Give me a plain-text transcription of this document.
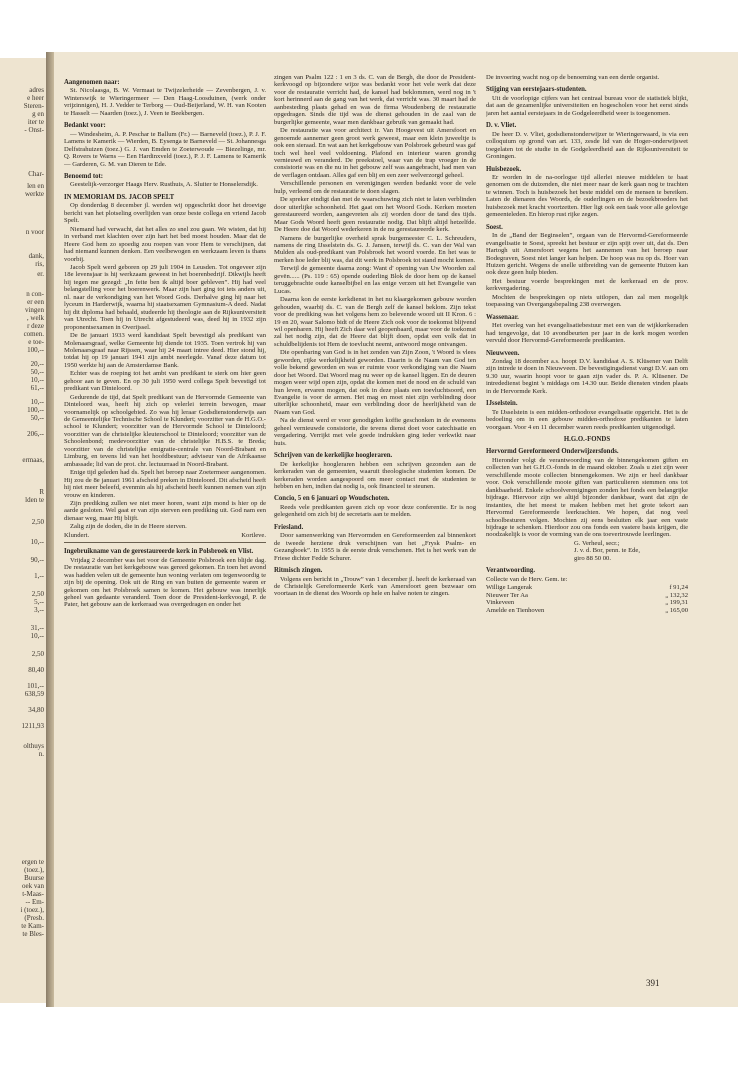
adres
e heer
Steren-
g en
iter te
- Onst-
Char-
len en
werkte
n voor
dank,
ris,
er.
n con-
er een
vingen
, welk
r deze
comen.
e toe-
100,--
20,--
50,--
10,--
61,--
10,--
100,--
50,--
206,--
ermaas,
R
lden te
2,50
10,--
90,--
1,--
2,50
5,--
3,--
31,--
10,--
2,50
80,40
101,--
638,59
34,80
1211,93
olthuys
n.
ergen te
(toez.),
Buurse
oek van
t-Maas-
-- Em-
i (toez.),
(Presb.
te Kam-
te Bles-
Aangenomen naar:

St. Nicolaasga, B. W. Vermaat te Twijzelerheide — Zevenbergen, J. v. Winterswijk te Wieringermeer — Den Haag-Loosduinen, (werk onder vrijzinnigen), H. J. Vedder te Terborg — Oud-Beijerland, W. H. van Kooten te Hasselt — Naarden (toez.), J. Veen te Beekbergen.

Bedankt voor:

— Windesheim, A. P. Peschar te Ballum (Fr.) — Barneveld (toez.), P. J. F. Lamens te Kamerik — Wierden, B. Eysenga te Barneveld — St. Johannesga Delfstrahuizen (toez.) G. J. van Emden te Zoeterwoude — Biezelinge, mr. Q. Rovers te Warns — Een Hardinxveld (toez.), P. J. F. Lamens te Kamerik — Garderen, G. M. van Dieren te Ede.

Benoemd tot:

Geestelijk-verzorger Haags Herv. Rusthuis, A. Sluiter te Honselersdijk.

IN MEMORIAM DS. JACOB SPELT

Op donderdag 8 december jl. werden wij opgeschrikt door het droevige bericht van het plotseling overlijden van onze beste collega en vriend Jacob Spelt.

Niemand had verwacht, dat het alles zo snel zou gaan. We wisten, dat hij in verband met klachten over zijn hart het bed moest houden. Maar dat de Heere God hem zo spoedig zou roepen van voor Hem te verschijnen, dat had niemand kunnen denken. Een veelbewogen en werkzaam leven is thans voorbij.

Jacob Spelt werd geboren op 29 juli 1904 in Leusden. Tot ongeveer zijn 18e levensjaar is hij werkzaam geweest in het boerenbedrijf. Dikwijls heeft hij tegen me gezegd: „In feite ben ik altijd boer gebleven”. Hij had veel belangstelling voor het boerenwerk. Maar zijn hart ging tot iets anders uit, nl. naar de verkondiging van het Woord Gods. Derhalve ging hij naar het lyceum in Harderwijk, waarna hij staatsexamen Gymnasium-A deed. Nadat hij dit diploma had behaald, studeerde hij theologie aan de Rijksuniversiteit van Utrecht. Toen hij in Utrecht afgestudeerd was, deed hij in 1932 zijn proponentsexamen in Overijssel.

De 8e januari 1933 werd kandidaat Spelt bevestigd als predikant van Molenaarsgraaf, welke Gemeente hij diende tot 1935. Toen vertrok hij van Molenaarsgraaf naar Rijssen, waar hij 24 maart intree deed. Hier stond hij, totdat hij op 19 januari 1941 zijn ambt neerlegde. Vanaf deze datum tot 1950 werkte hij aan de Amsterdamse Bank.

Echter was de roeping tot het ambt van predikant te sterk om hier geen gehoor aan te geven. En op 30 juli 1950 werd collega Spelt bevestigd tot predikant van Dinteloord.

Gedurende de tijd, dat Spelt predikant van de Hervormde Gemeente van Dinteloord was, heeft hij zich op velerlei terrein bewogen, maar voornamelijk op schoolgebied. Zo was hij leraar Godsdienstonderwijs aan de Gemeentelijke Technische School te Klundert; voorzitter van de H.G.O.-school te Klundert; voorzitter van de Hervormde School te Dinteloord; voorzitter van de christelijke kleuterschool te Dinteloord; voorzitter van de Schoolenbond; medevoorzitter van de christelijke H.B.S. te Breda; voorzitter van de christelijke emigratie-centrale van Noord-Brabant en Limburg, en tevens lid van het hoofdbestuur; adviseur van de Afrikaanse ambassade; lid van de prot. chr. lectuurraad in Noord-Brabant.

Enige tijd geleden had ds. Spelt het beroep naar Zoetermeer aangenomen. Hij zou de 8e januari 1961 afscheid preken in Dinteloord. Dit afscheid heeft hij niet meer beleefd, evenmin als hij afscheid heeft kunnen nemen van zijn vrouw en kinderen.

Zijn prediking zullen we niet meer horen, want zijn mond is hier op de aarde gesloten. Wel gaat er van zijn sterven een prediking uit. God nam een dienaar weg, maar Hij blijft.

Zalig zijn de doden, die in de Heere sterven.

Klundert.	Kortleve.
Ingebruikname van de gerestaureerde kerk in Polsbroek en Vlist.

Vrijdag 2 december was het voor de Gemeente Polsbroek een blijde dag. De restauratie van het kerkgebouw was gereed gekomen. En toen het avond was hadden velen uit de gemeente hun woning verlaten om tegenwoordig te zijn bij de opening. Ook uit de Ring en van buiten de gemeente waren er gekomen om het Polsbroek samen te komen. Het gebouw was innerlijk geheel van gedaante veranderd. Toen door de President-kerkvoogd, P. de Pater, het gebouw aan de kerkeraad was overgedragen en onder het

zingen van Psalm 122 : 1 en 3 ds. C. van de Bergh, die door de President-kerkvoogd op bijzondere wijze was bedankt voor het vele werk dat deze voor de restauratie verricht had, de kansel had beklommen, werd nog in 't kort herinnerd aan de gang van het werk, dat verricht was. 30 maart had de aanbesteding plaats gehad en was de firma Woudenberg de restauratie opgedragen. Sinds die tijd was de dienst gehouden in de zaal van de burgerlijke gemeente, waar men dankbaar gebruik van gemaakt had.

De restauratie was voor architect ir. Van Hoogevest uit Amersfoort en genoemde aannemer geen groot werk geweest, maar een klein juweeltje is ook een sieraad. En wat aan het kerkgebouw van Polsbroek gebeurd was gaf toch wel heel veel voldoening. Plafond en interieur waren grondig vernieuwd en veranderd. De preekstoel, waar van de trap vroeger in de consistorie was en die nu in het gebouw zelf was aangebracht, had men van de verflagen ontdaan. Alles gaf een blij en een zeer welverzorgd geheel.

Verschillende personen en verenigingen werden bedankt voor de vele hulp, verleend om de restauratie te doen slagen.

De spreker eindigt dan met de waarschuwing zich niet te laten verblinden door uiterlijke schoonheid. Het gaat om het Woord Gods. Kerken moeten gerestaureerd worden, aangevreten als zij worden door de tand des tijds. Maar Gods Woord heeft geen restauratie nodig. Dat blijft altijd hetzelfde. De Heere doe dat Woord wederkeren in de nu gerestaureerde kerk.

Namens de burgerlijke overheid sprak burgemeester C. L. Schreuders, namens de ring IJsselstein ds. G. J. Jansen, terwijl ds. C. van der Wal van Mulden als oud-predikant van Polsbroek het woord voerde. En het was te merken hoe leder blij was, dat dit werk in Polsbroek tot stand mocht komen.

Terwijl de gemeente daarna zong: Want d' opening van Uw Woorden zal gevën...... (Ps. 119 : 65) opende ouderling Blok de door hem op de kansel teruggebrachte oude kanselbijbel en las enige verzen uit het Evangelie van Lucas.

Daarna kon de eerste kerkdienst in het nu klaargekomen gebouw worden gehouden, waarbij ds. C. van de Bergh zelf de kansel beklom. Zijn tekst voor de prediking was het volgens hem zo belevende woord uit II Kron. 6 : 19 en 20, waar Salomo bidt of de Heere Zich ook voor de toekomst blijvend wil openbaren. Hij heeft Zich daar wel geopenbaard, maar voor de toekomst zal het nodig zijn, dat de Heere dat blijft doen, opdat een volk dat in schuldbelijdenis tot Hem de toevlucht neemt, antwoord moge ontvangen.

Die openbaring van God is in het zenden van Zijn Zoon, 't Woord is vlees geworden, rijke werkelijkheid geworden. Daarin is de Naam van God ten volle bekend geworden en was er ruimte voor verkondiging van die Naam door het Woord. Dat Woord mag nu weer op de kansel liggen. En de deuren mogen weer wijd open zijn, opdat die komen met de nood en de schuld van hun leven, ervaren mogen, dat ook in deze plaats een toevluchtsoord, een Evangelie is voor de armen. Het mag en moet niet zijn verblinding door uiterlijke schoonheid, maar een verblinding door de heerlijkheid van de Naam van God.

Na de dienst werd er voor genodigden koffie geschonken in de eveneens geheel vernieuwde consistorie, die tevens dienst doet voor catechisatie en vergadering. Verrijkt met vele goede indrukken ging ieder verkwikt naar huis.

Schrijven van de kerkelijke hoogleraren.

De kerkelijke hoogleraren hebben een schrijven gezonden aan de kerkeraden van de gemeenten, waaruit theologische studenten komen. De kerkeraden worden aangespoord om meer contact met de studenten te hebben en hen, indien dat nodig is, ook financieel te steunen.

Concio, 5 en 6 januari op Woudschoten.

Reeds vele predikanten gaven zich op voor deze conferentie. Er is nog gelegenheid om zich bij de secretaris aan te melden.

Friesland.

Door samenwerking van Hervormden en Gereformeerden zal binnenkort de tweede herziene druk verschijnen van het „Frysk Psalm- en Gezangboek”. In 1955 is de eerste druk verschenen. Het is het werk van de Friese dichter Fedde Schurer.

Ritmisch zingen.

Volgens een bericht in „Trouw” van 1 december jl. heeft de kerkeraad van de Christelijk Gereformeerde Kerk van Amersfoort geen bezwaar om voortaan in de dienst des Woords op hele en halve noten te zingen.

De invoering wacht nog op de benoeming van een derde organist.

Stijging van eerstejaars-studenten.

Uit de voorlopige cijfers van het centraal bureau voor de statistiek blijkt, dat aan de gezamenlijke universiteiten en hogescholen voor het eerst sinds jaren het aantal eerstejaars in de Godgeleerdheid weer is toegenomen.

D. v. Vliet.

De heer D. v. Vliet, godsdienstonderwijzer te Wieringerwaard, is via een colloquium op grond van art. 133, zesde lid van de Hoger-onderwijswet toegelaten tot de studie in de Godgeleerdheid aan de Rijksuniversiteit te Groningen.

Huisbezoek.

Er worden in de na-oorlogse tijd allerlei nieuwe middelen te baat genomen om de duizenden, die niet meer naar de kerk gaan nog te trachten te winnen. Toch is huisbezoek het beste middel om de mensen te bereiken. Laten de dienaren des Woords, de ouderlingen en de bezoekbroeders het huisbezoek met kracht voortzetten. Hier ligt ook een taak voor alle gelovige gemeenteleden. En hierop rust rijke zegen.

Soest.

In de „Band der Beginselen”, orgaan van de Hervormd-Gereformeerde evangelisatie te Soest, spreekt het bestuur er zijn spijt over uit, dat ds. Den Hartogh uit Amersfoort wegens het aannemen van het beroep naar Bodegraven, Soest niet langer kan helpen. De hoop was nu op ds. Hoer van Huizen gericht. Wegens de snelle uitbreiding van de gemeente Huizen kan ook deze geen hulp bieden.

Het bestuur voerde besprekingen met de kerkeraad en de prov. kerkvergadering.

Mochten de besprekingen op niets uitlopen, dan zal men mogelijk toepassing van Overgangsbepaling 238 overwegen.

Wassenaar.

Het overleg van het evangelisatiebestuur met een van de wijkkerkeraden had tengevolge, dat 10 avondbeurten per jaar in de kerk mogen worden vervuld door Hervormd-Gereformeerde predikanten.

Nieuwveen.

Zondag 18 december a.s. hoopt D.V. kandidaat A. S. Klüsener van Delft zijn intrede te doen in Nieuwveen. De bevestigingsdienst vangt D.V. aan om 9.30 uur, waarin hoopt voor te gaan zijn vader ds. P. A. Klüsener. De intrededienst begint 's middags om 14.30 uur. Beide diensten vinden plaats in de Hervormde Kerk.

IJsselstein.

Te IJsselstein is een midden-orthodoxe evangelisatie opgericht. Het is de bedoeling om in een gebouw midden-orthodoxe predikanten te laten voorgaan. Voor 4 en 11 december waren reeds predikanten uitgenodigd.

H.G.O.-FONDS
Hervormd Gereformeerd Onderwijzersfonds.

Hieronder volgt de verantwoording van de binnengekomen giften en collecten van het G.H.O.-fonds in de maand oktober. Zoals u ziet zijn weer verschillende mooie collecten binnengekomen. We zijn er heel dankbaar voor. Ook verschillende mooie giften van particulieren stemmen ons tot dankbaarheid. Enkele schoolverenigingen zonden het fonds een belangrijke bijdrage. Hiervoor zijn we altijd bijzonder dankbaar, want dat zijn de instanties, die het meest te maken hebben met het grote tekort aan Hervormd Gereformeerde leerkrachten. We hopen, dat nog veel schoolbesturen volgen. Mochten zij eens besluiten elk jaar een vaste bijdrage te schenken. Hierdoor zou ons fonds een vastere basis krijgen, die noodzakelijk is voor de vorming van de ons toevertrouwde leerlingen.

G. Verheul, secr.;
J. v. d. Bor, penn. te Ede,
giro 88 50 00.
Verantwoording.

Collecte van de Herv. Gem. te:

Willige Langerak	f 91,24
Nieuwer Ter Aa	„ 132,32
Vinkeveen	„ 199,31
Amelde en Tienhoven	„ 165,00
391
